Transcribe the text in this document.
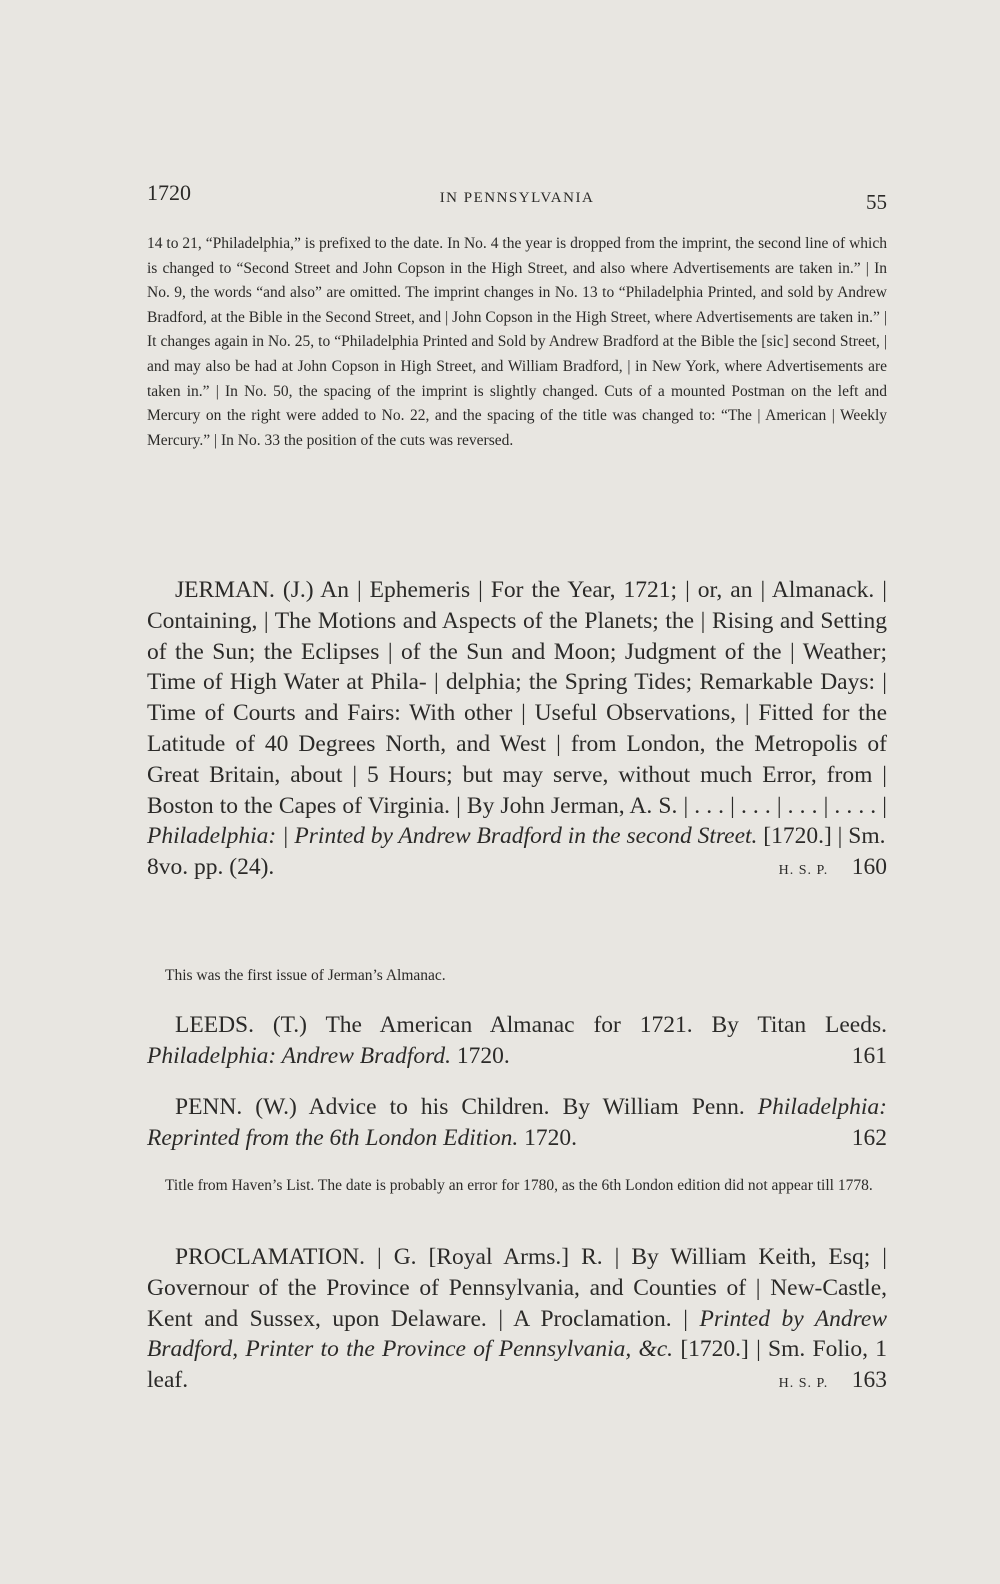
1720	IN PENNSYLVANIA	55
14 to 21, “Philadelphia,” is prefixed to the date. In No. 4 the year is dropped from the imprint, the second line of which is changed to “Second Street and John Copson in the High Street, and also where Advertisements are taken in.” | In No. 9, the words “and also” are omitted. The imprint changes in No. 13 to “Philadelphia Printed, and sold by Andrew Bradford, at the Bible in the Second Street, and | John Copson in the High Street, where Advertisements are taken in.” | It changes again in No. 25, to “Philadelphia Printed and Sold by Andrew Bradford at the Bible the [sic] second Street, | and may also be had at John Copson in High Street, and William Bradford, | in New York, where Advertisements are taken in.” | In No. 50, the spacing of the imprint is slightly changed. Cuts of a mounted Postman on the left and Mercury on the right were added to No. 22, and the spacing of the title was changed to: “The | American | Weekly Mercury.” | In No. 33 the position of the cuts was reversed.
JERMAN. (J.) An | Ephemeris | For the Year, 1721; | or, an | Almanack. | Containing, | The Motions and Aspects of the Planets; the | Rising and Setting of the Sun; the Eclipses | of the Sun and Moon; Judgment of the | Weather; Time of High Water at Phila- | delphia; the Spring Tides; Remarkable Days: | Time of Courts and Fairs: With other | Useful Observations, | Fitted for the Latitude of 40 Degrees North, and West | from London, the Metropolis of Great Britain, about | 5 Hours; but may serve, without much Error, from | Boston to the Capes of Virginia. | By John Jerman, A. S. | . . . | . . . | . . . | . . . . | Philadelphia: | Printed by Andrew Bradford in the second Street. [1720.] | Sm.
8vo. pp. (24).	H. S. P. 160
This was the first issue of Jerman’s Almanac.
LEEDS. (T.) The American Almanac for 1721. By Titan Leeds. Philadelphia: Andrew Bradford. 1720.	161
PENN. (W.) Advice to his Children. By William Penn. Philadelphia: Reprinted from the 6th London Edition. 1720.	162
Title from Haven’s List. The date is probably an error for 1780, as the 6th London edition did not appear till 1778.
PROCLAMATION. | G. [Royal Arms.] R. | By William Keith, Esq; | Governour of the Province of Pennsylvania, and Counties of | New-Castle, Kent and Sussex, upon Delaware. | A Proclamation. | Printed by Andrew Bradford, Printer to the Province of Pennsylvania, &c. [1720.] | Sm. Folio, 1 leaf.	H. S. P. 163
